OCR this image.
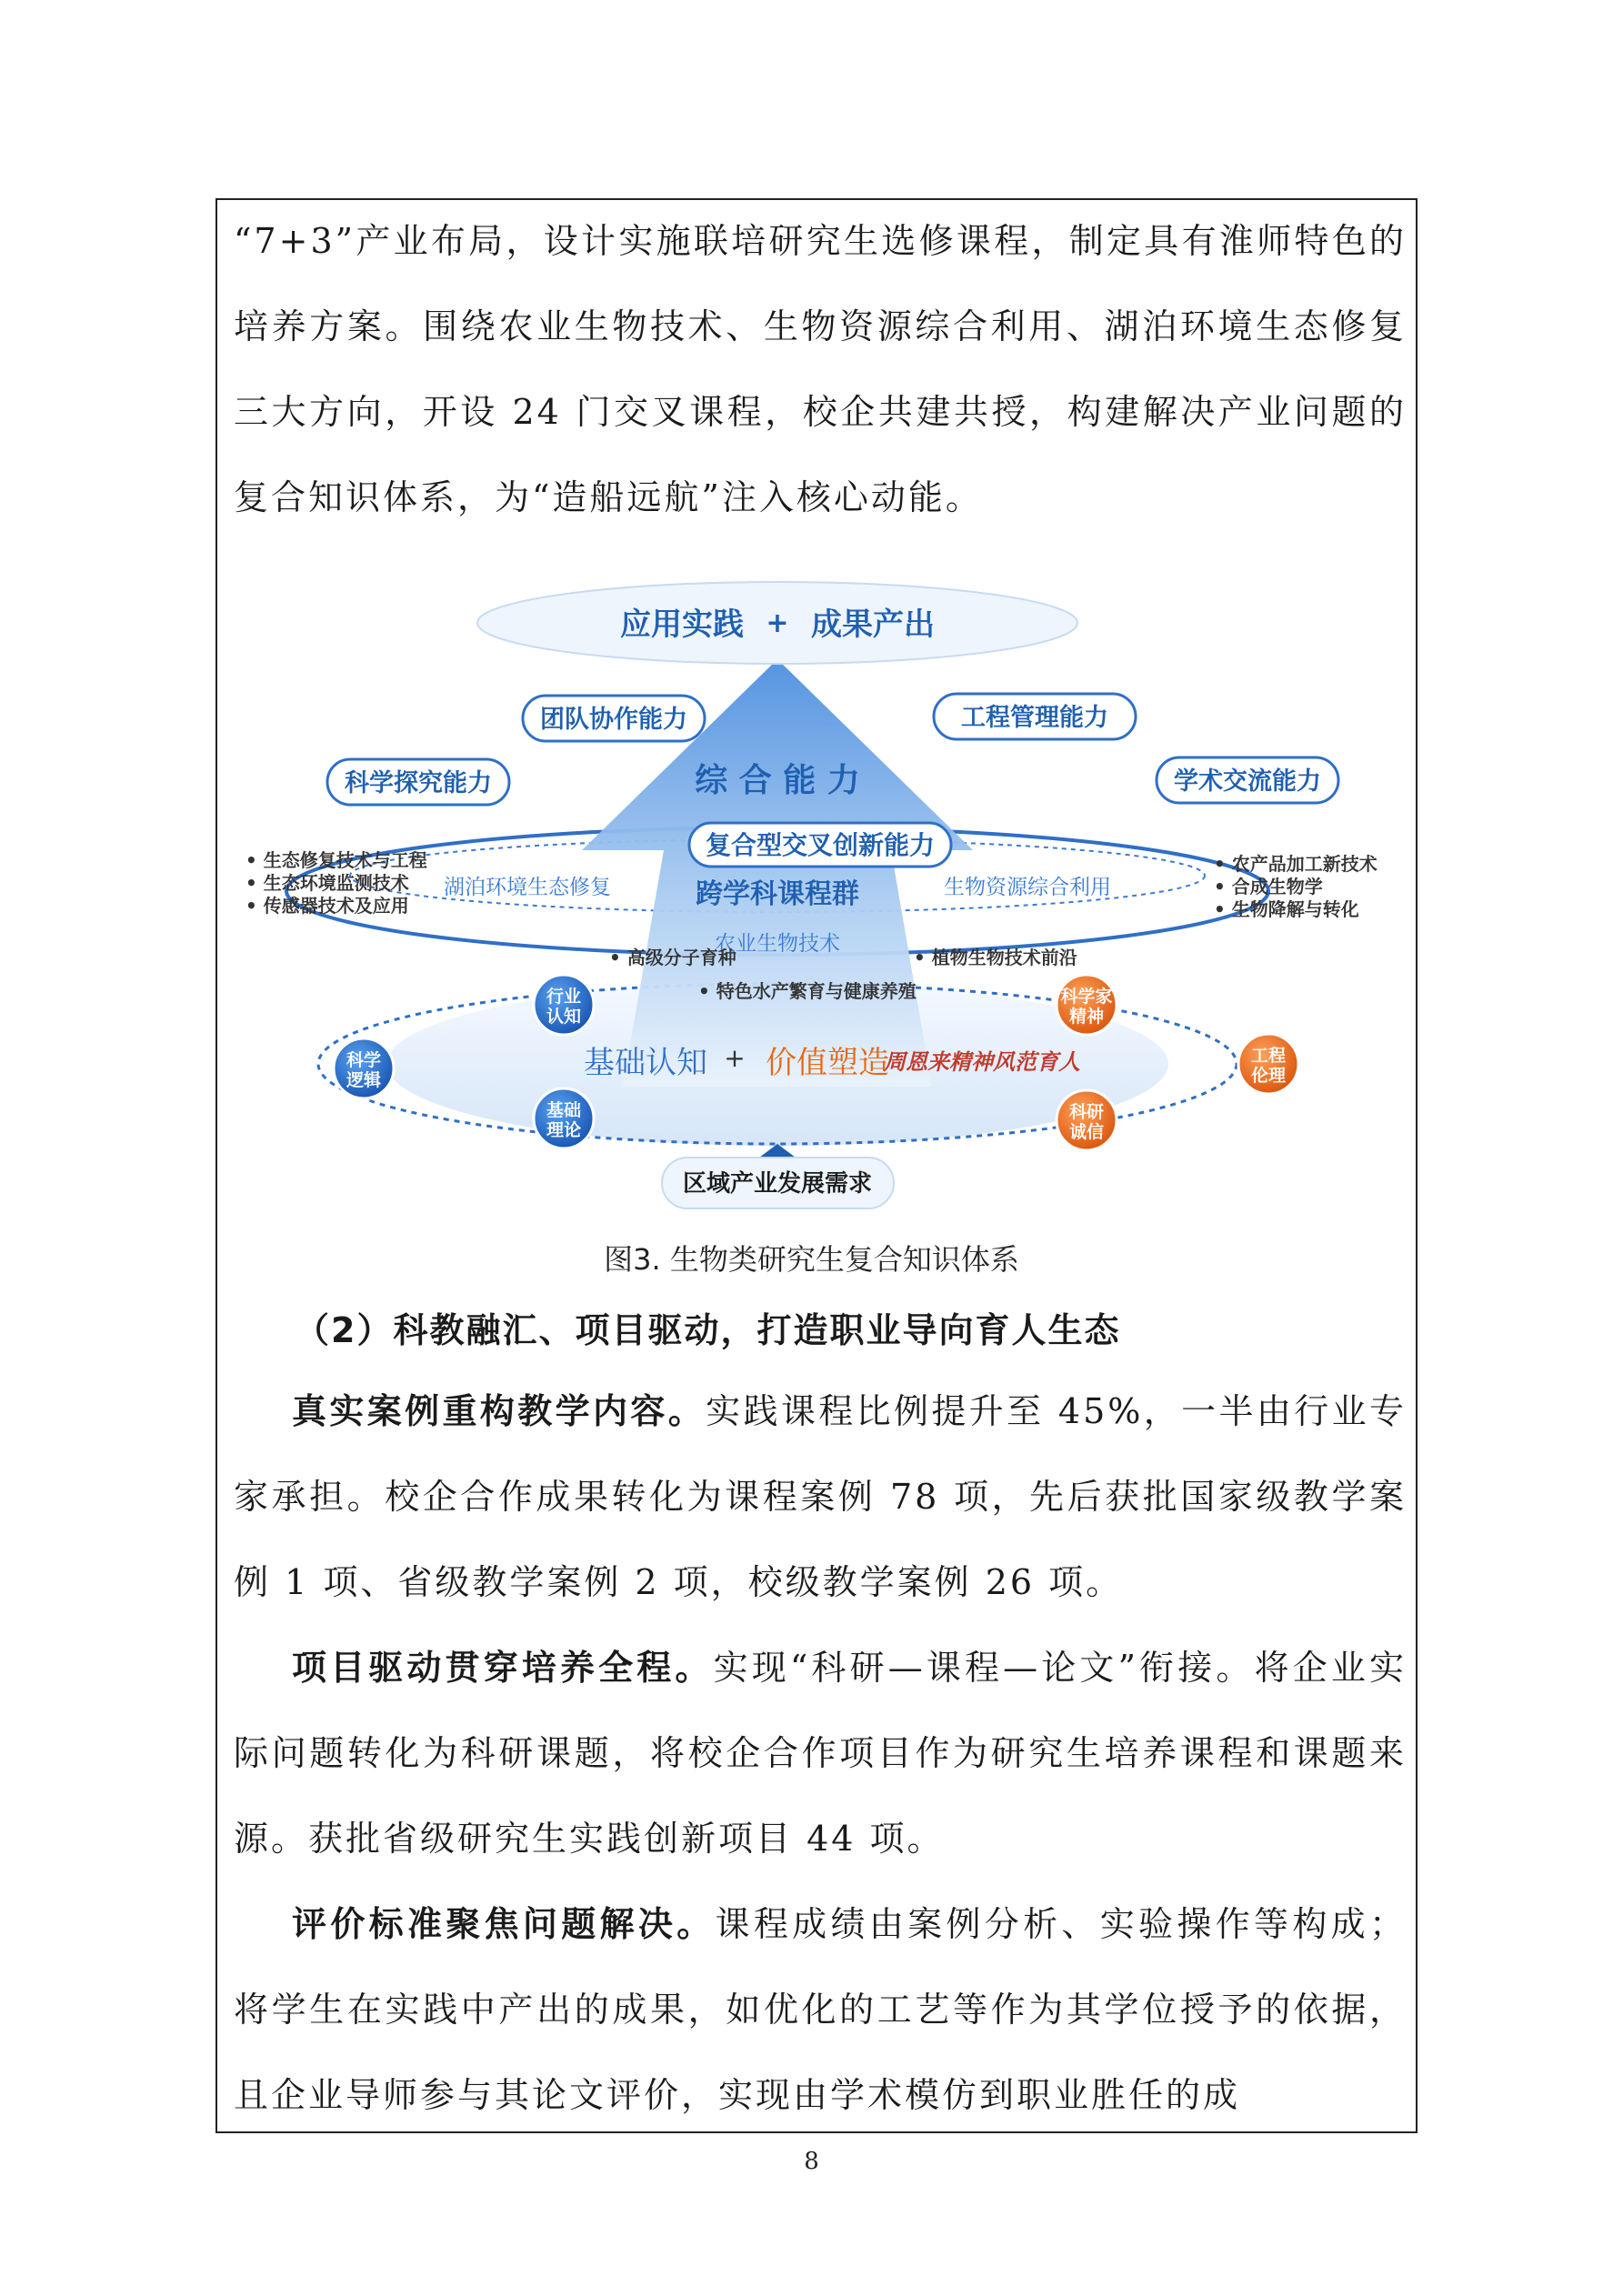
“7+3”产业布局，设计实施联培研究生选修课程，制定具有淮师特色的培养方案。围绕农业生物技术、生物资源综合利用、湖泊环境生态修复三大方向，开设 24 门交叉课程，校企共建共授，构建解决产业问题的复合知识体系，为“造船远航”注入核心动能。

应用实践 + 成果产出
团队协作能力	工程管理能力
科学探究能力	学术交流能力
综 合 能 力
复合型交叉创新能力
跨学科课程群
湖泊环境生态修复	生物资源综合利用
农业生物技术
• 生态修复技术与工程
• 生态环境监测技术
• 传感器技术及应用
• 农产品加工新技术
• 合成生物学
• 生物降解与转化
• 高级分子育种	• 植物生物技术前沿
• 特色水产繁育与健康养殖
基础认知 + 价值塑造
周恩来精神风范育人
行业
认知
科学
逻辑
基础
理论
科学家
精神
工程
伦理
科研
诚信
区域产业发展需求

图3. 生物类研究生复合知识体系

（2）科教融汇、项目驱动，打造职业导向育人生态

真实案例重构教学内容。实践课程比例提升至 45%，一半由行业专家承担。校企合作成果转化为课程案例 78 项，先后获批国家级教学案例 1 项、省级教学案例 2 项，校级教学案例 26 项。

项目驱动贯穿培养全程。实现“科研—课程—论文”衔接。将企业实际问题转化为科研课题，将校企合作项目作为研究生培养课程和课题来源。获批省级研究生实践创新项目 44 项。

评价标准聚焦问题解决。课程成绩由案例分析、实验操作等构成；将学生在实践中产出的成果，如优化的工艺等作为其学位授予的依据，且企业导师参与其论文评价，实现由学术模仿到职业胜任的成

8
